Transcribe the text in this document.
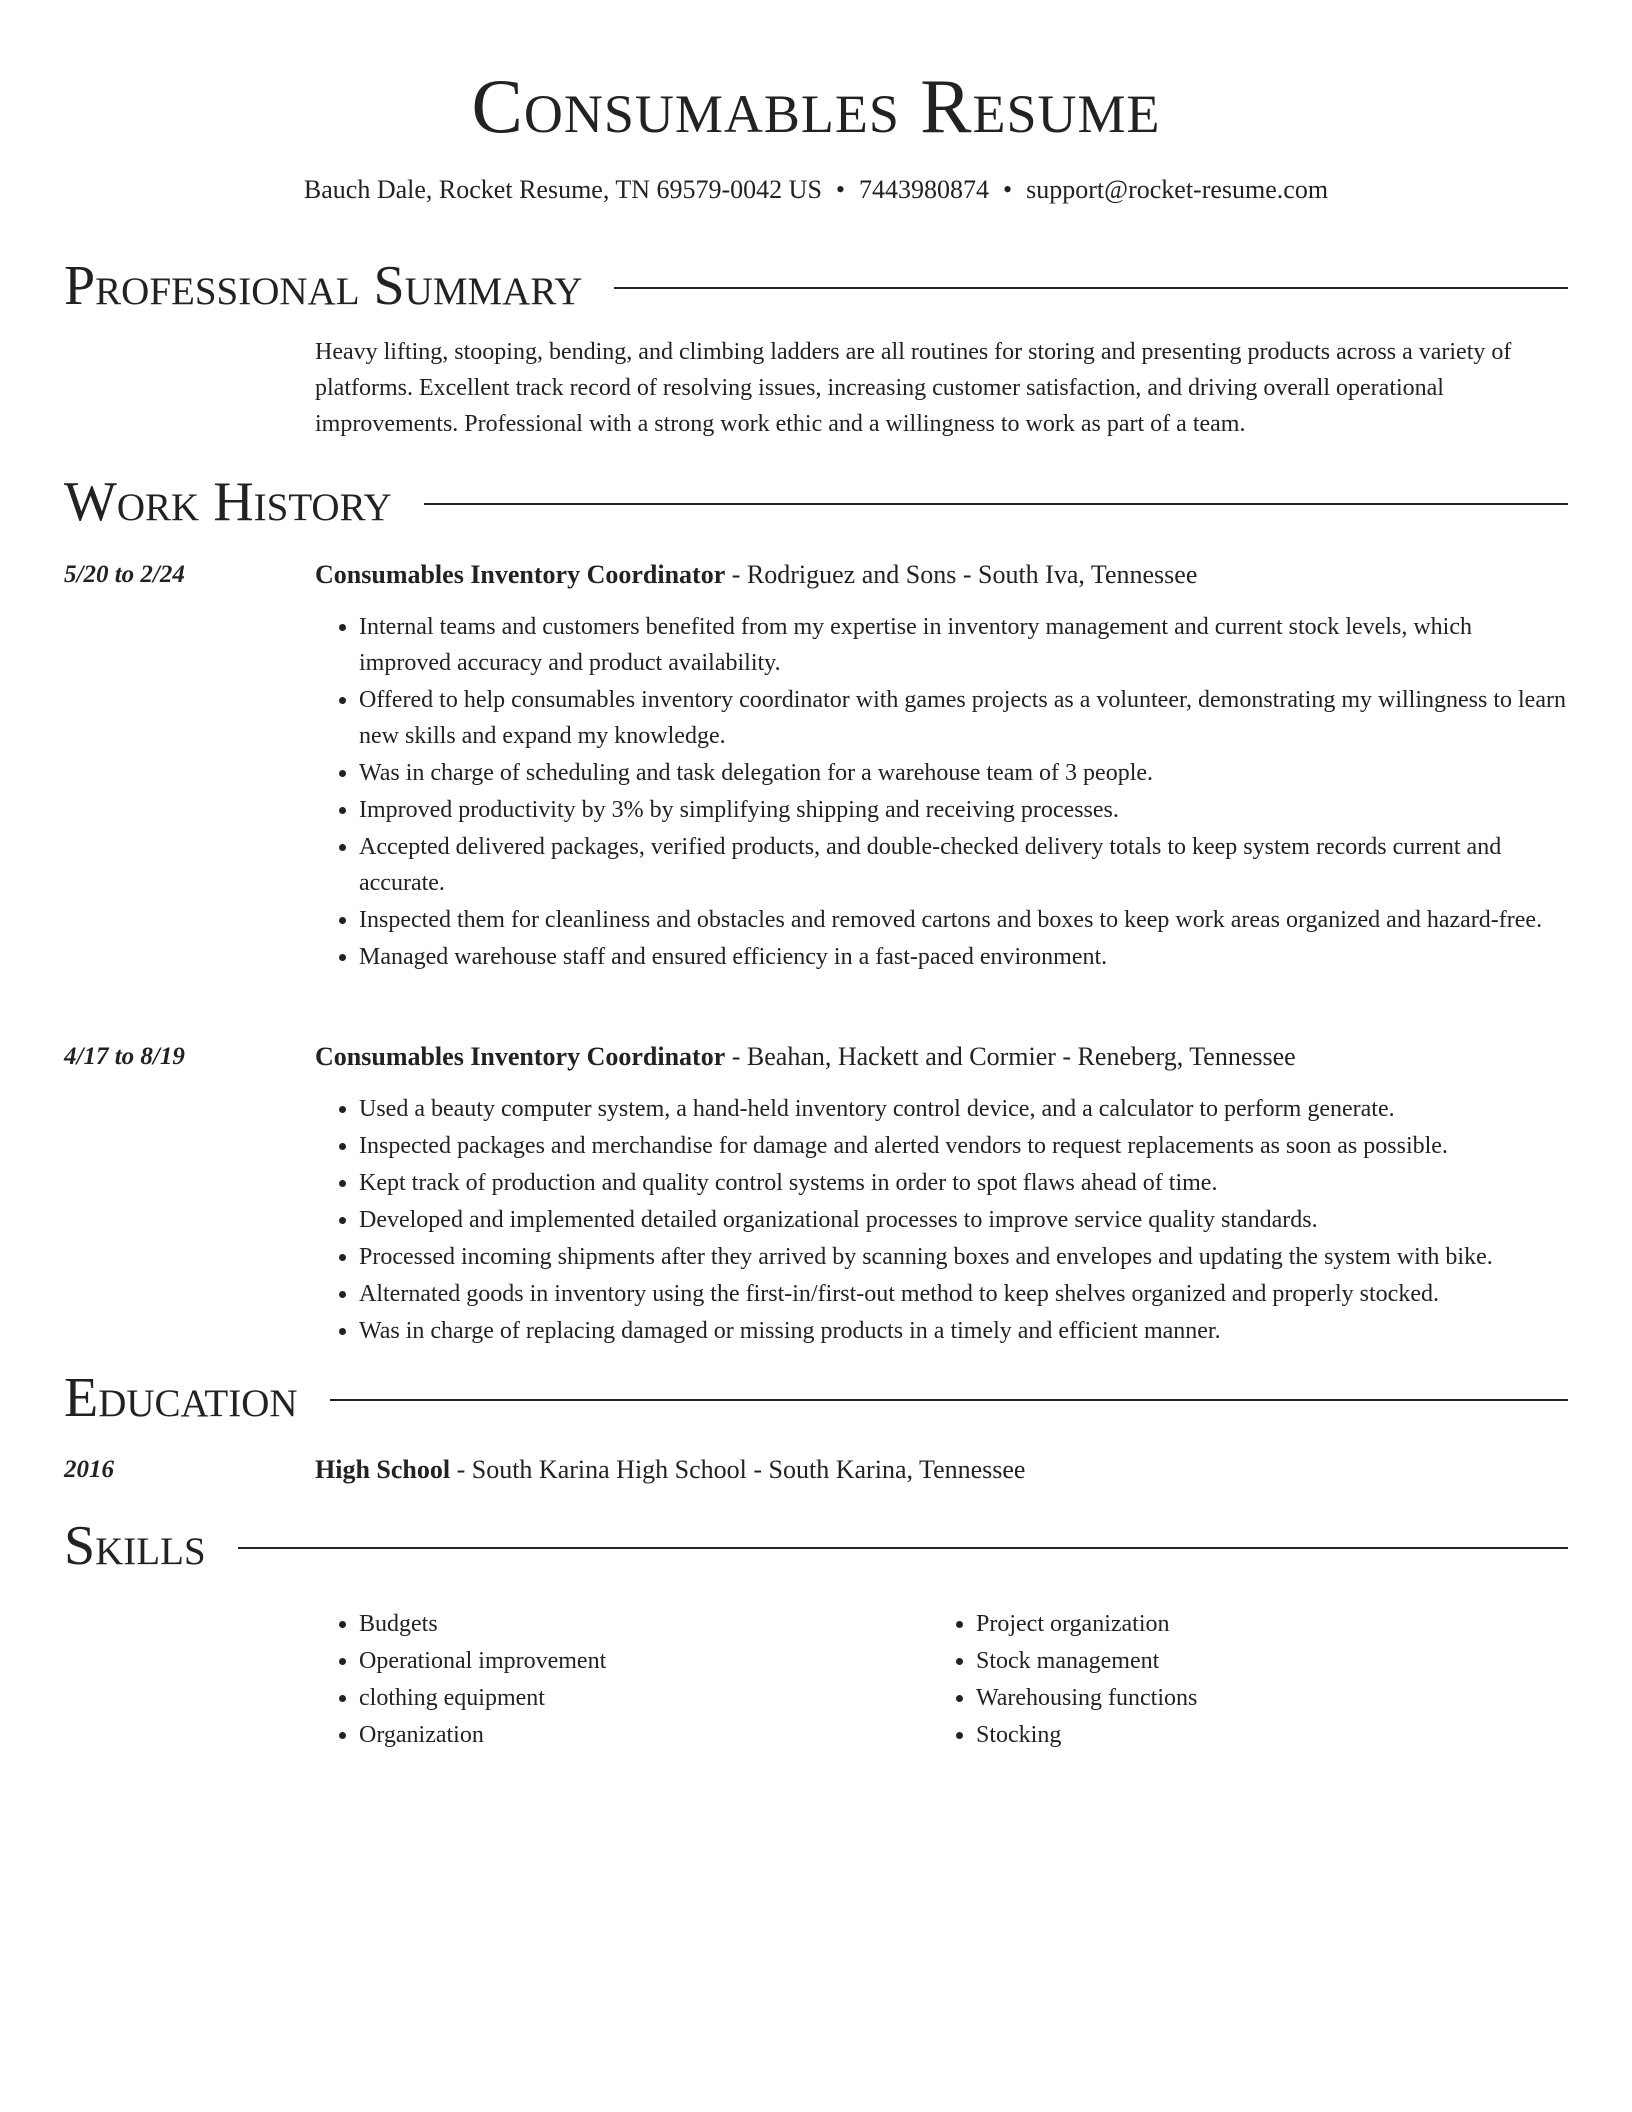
Consumables Resume
Bauch Dale, Rocket Resume, TN 69579-0042 US • 7443980874 • support@rocket-resume.com
Professional Summary

Heavy lifting, stooping, bending, and climbing ladders are all routines for storing and presenting products across a variety of platforms. Excellent track record of resolving issues, increasing customer satisfaction, and driving overall operational improvements. Professional with a strong work ethic and a willingness to work as part of a team.

Work History
5/20 to 2/24	Consumables Inventory Coordinator - Rodriguez and Sons - South Iva, Tennessee
• Internal teams and customers benefited from my expertise in inventory management and current stock levels, which improved accuracy and product availability.
• Offered to help consumables inventory coordinator with games projects as a volunteer, demonstrating my willingness to learn new skills and expand my knowledge.
• Was in charge of scheduling and task delegation for a warehouse team of 3 people.
• Improved productivity by 3% by simplifying shipping and receiving processes.
• Accepted delivered packages, verified products, and double-checked delivery totals to keep system records current and accurate.
• Inspected them for cleanliness and obstacles and removed cartons and boxes to keep work areas organized and hazard-free.
• Managed warehouse staff and ensured efficiency in a fast-paced environment.
4/17 to 8/19	Consumables Inventory Coordinator - Beahan, Hackett and Cormier - Reneberg, Tennessee
• Used a beauty computer system, a hand-held inventory control device, and a calculator to perform generate.
• Inspected packages and merchandise for damage and alerted vendors to request replacements as soon as possible.
• Kept track of production and quality control systems in order to spot flaws ahead of time.
• Developed and implemented detailed organizational processes to improve service quality standards.
• Processed incoming shipments after they arrived by scanning boxes and envelopes and updating the system with bike.
• Alternated goods in inventory using the first-in/first-out method to keep shelves organized and properly stocked.
• Was in charge of replacing damaged or missing products in a timely and efficient manner.
Education
2016	High School - South Karina High School - South Karina, Tennessee
Skills
• Budgets
• Operational improvement
• clothing equipment
• Organization
• Project organization
• Stock management
• Warehousing functions
• Stocking
